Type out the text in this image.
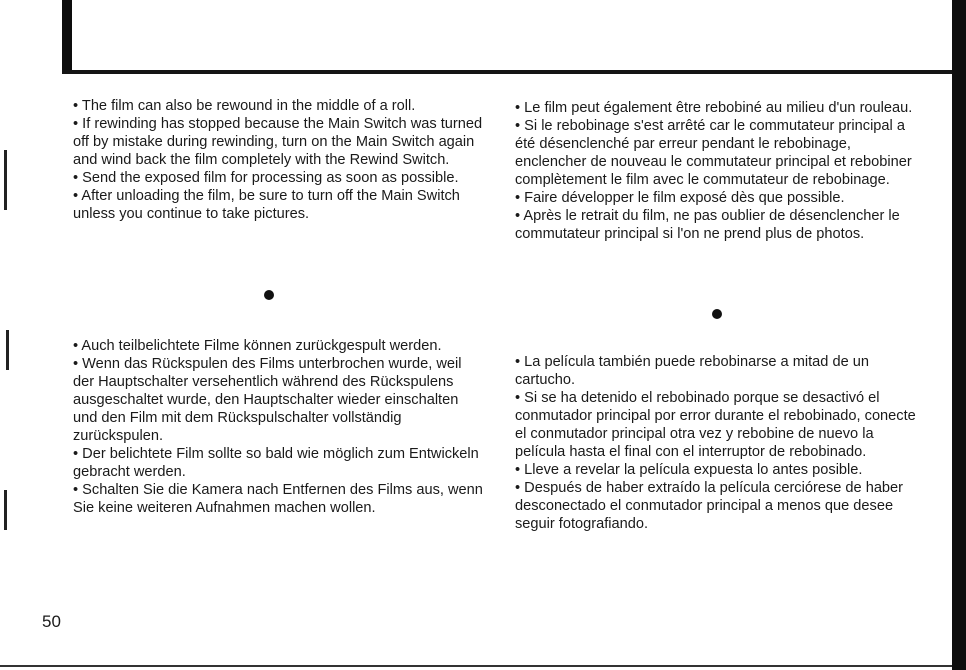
• The film can also be rewound in the middle of a roll.

• If rewinding has stopped because the Main Switch was turned off by mistake during rewinding, turn on the Main Switch again and wind back the film completely with the Rewind Switch.

• Send the exposed film for processing as soon as possible.

• After unloading the film, be sure to turn off the Main Switch unless you continue to take pictures.

• Auch teilbelichtete Filme können zurückgespult werden.

• Wenn das Rückspulen des Films unterbrochen wurde, weil der Hauptschalter versehentlich während des Rückspulens ausgeschaltet wurde, den Hauptschalter wieder einschalten und den Film mit dem Rückspulschalter vollständig zurückspulen.

• Der belichtete Film sollte so bald wie möglich zum Entwickeln gebracht werden.

• Schalten Sie die Kamera nach Entfernen des Films aus, wenn Sie keine weiteren Aufnahmen machen wollen.

• Le film peut également être rebobiné au milieu d'un rouleau.

• Si le rebobinage s'est arrêté car le commutateur principal a été désenclenché par erreur pendant le rebobinage, enclencher de nouveau le commutateur principal et rebobiner complètement le film avec le commutateur de rebobinage.

• Faire développer le film exposé dès que possible.

• Après le retrait du film, ne pas oublier de désenclencher le commutateur principal si l'on ne prend plus de photos.

• La película también puede rebobinarse a mitad de un cartucho.

• Si se ha detenido el rebobinado porque se desactivó el conmutador principal por error durante el rebobinado, conecte el conmutador principal otra vez y rebobine de nuevo la película hasta el final con el interruptor de rebobinado.

• Lleve a revelar la película expuesta lo antes posible.

• Después de haber extraído la película cerciórese de haber desconectado el conmutador principal a menos que desee seguir fotografiando.

50
